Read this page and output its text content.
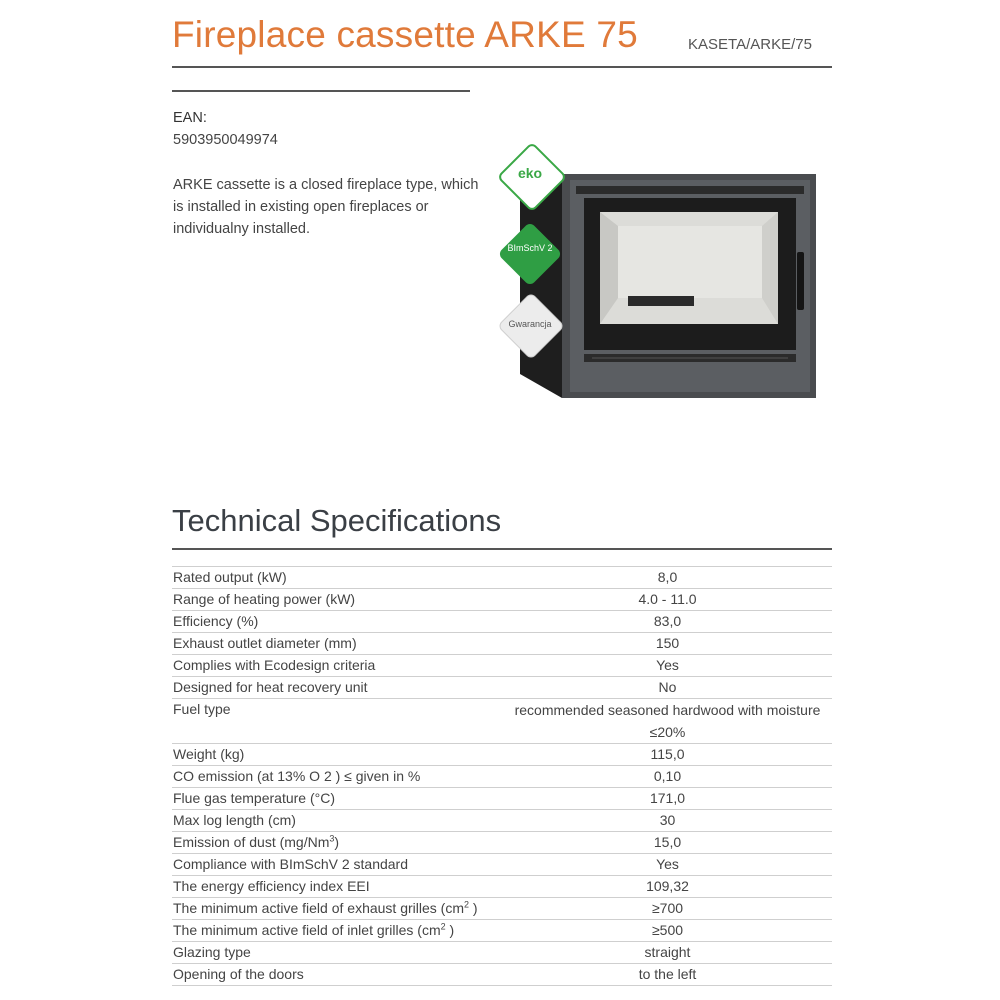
Fireplace cassette ARKE 75	KASETA/ARKE/75
EAN:
5903950049974
ARKE cassette is a closed fireplace type, which is installed in existing open fireplaces or individualny installed.
eko
BImSchV 2
Gwarancja
Technical Specifications
Rated output (kW)	8,0
Range of heating power (kW)	4.0 - 11.0
Efficiency (%)	83,0
Exhaust outlet diameter (mm)	150
Complies with Ecodesign criteria	Yes
Designed for heat recovery unit	No
Fuel type	recommended seasoned hardwood with moisture ≤20%
Weight (kg)	115,0
CO emission (at 13% O 2 ) ≤ given in %	0,10
Flue gas temperature (°C)	171,0
Max log length (cm)	30
Emission of dust (mg/Nm$^3$)	15,0
Compliance with BImSchV 2 standard	Yes
The energy efficiency index EEI	109,32
The minimum active field of exhaust grilles ($cm^2$ )	≥700
The minimum active field of inlet grilles ($cm^2$ )	≥500
Glazing type	straight
Opening of the doors	to the left
